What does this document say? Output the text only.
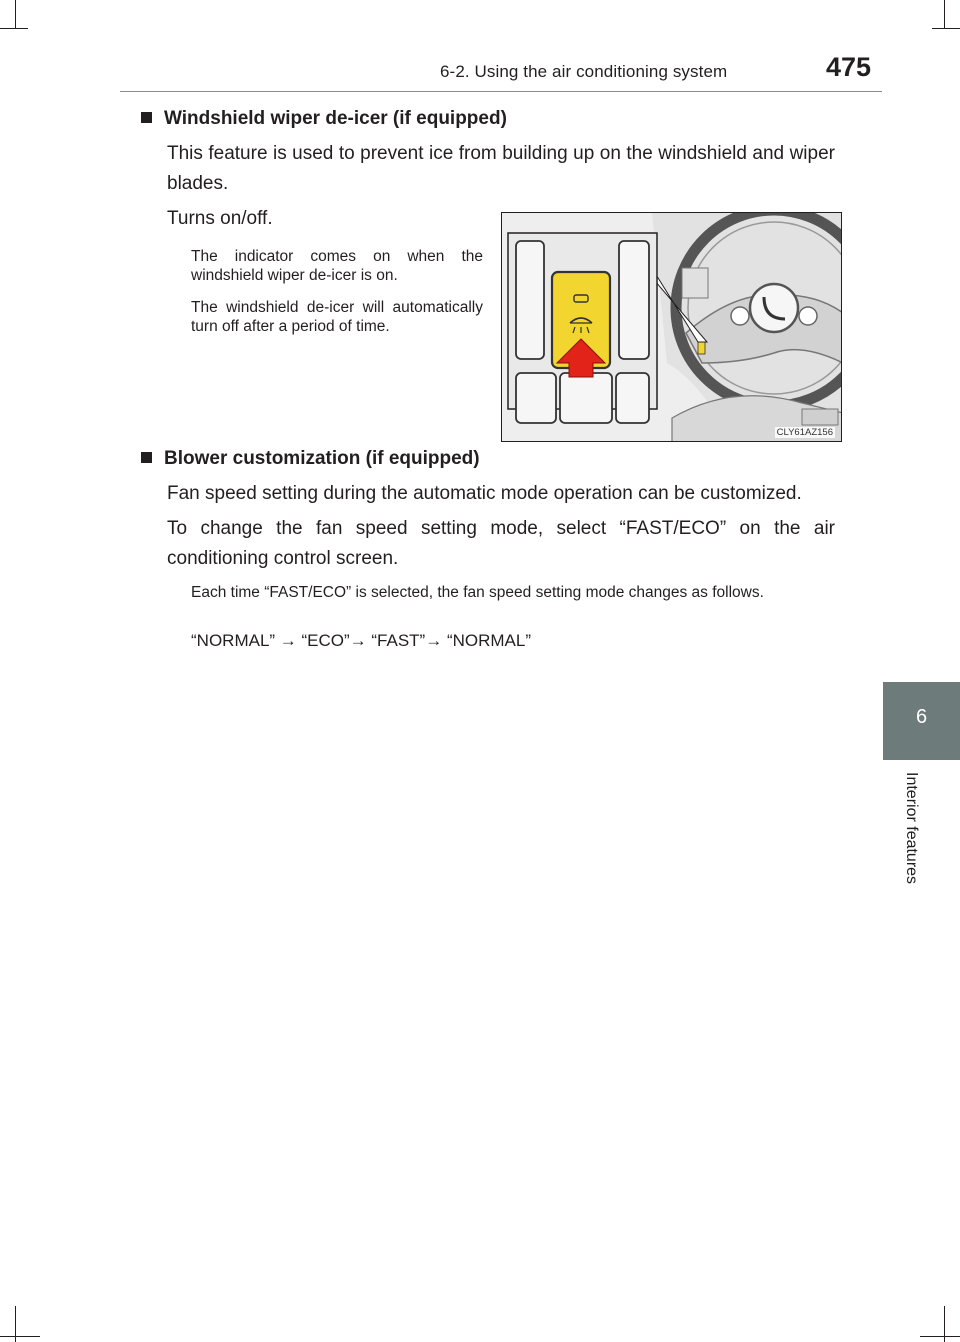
6-2. Using the air conditioning system	475
6
Interior features
Windshield wiper de-icer (if equipped)
This feature is used to prevent ice from building up on the windshield and wiper blades.
Turns on/off.
The indicator comes on when the windshield wiper de-icer is on.
The windshield de-icer will automatically turn off after a period of time.
CLY61AZ156
Blower customization (if equipped)
Fan speed setting during the automatic mode operation can be customized.
To change the fan speed setting mode, select “FAST/ECO” on the air conditioning control screen.
Each time “FAST/ECO” is selected, the fan speed setting mode changes as follows.
“NORMAL” → “ECO”→ “FAST”→ “NORMAL”
